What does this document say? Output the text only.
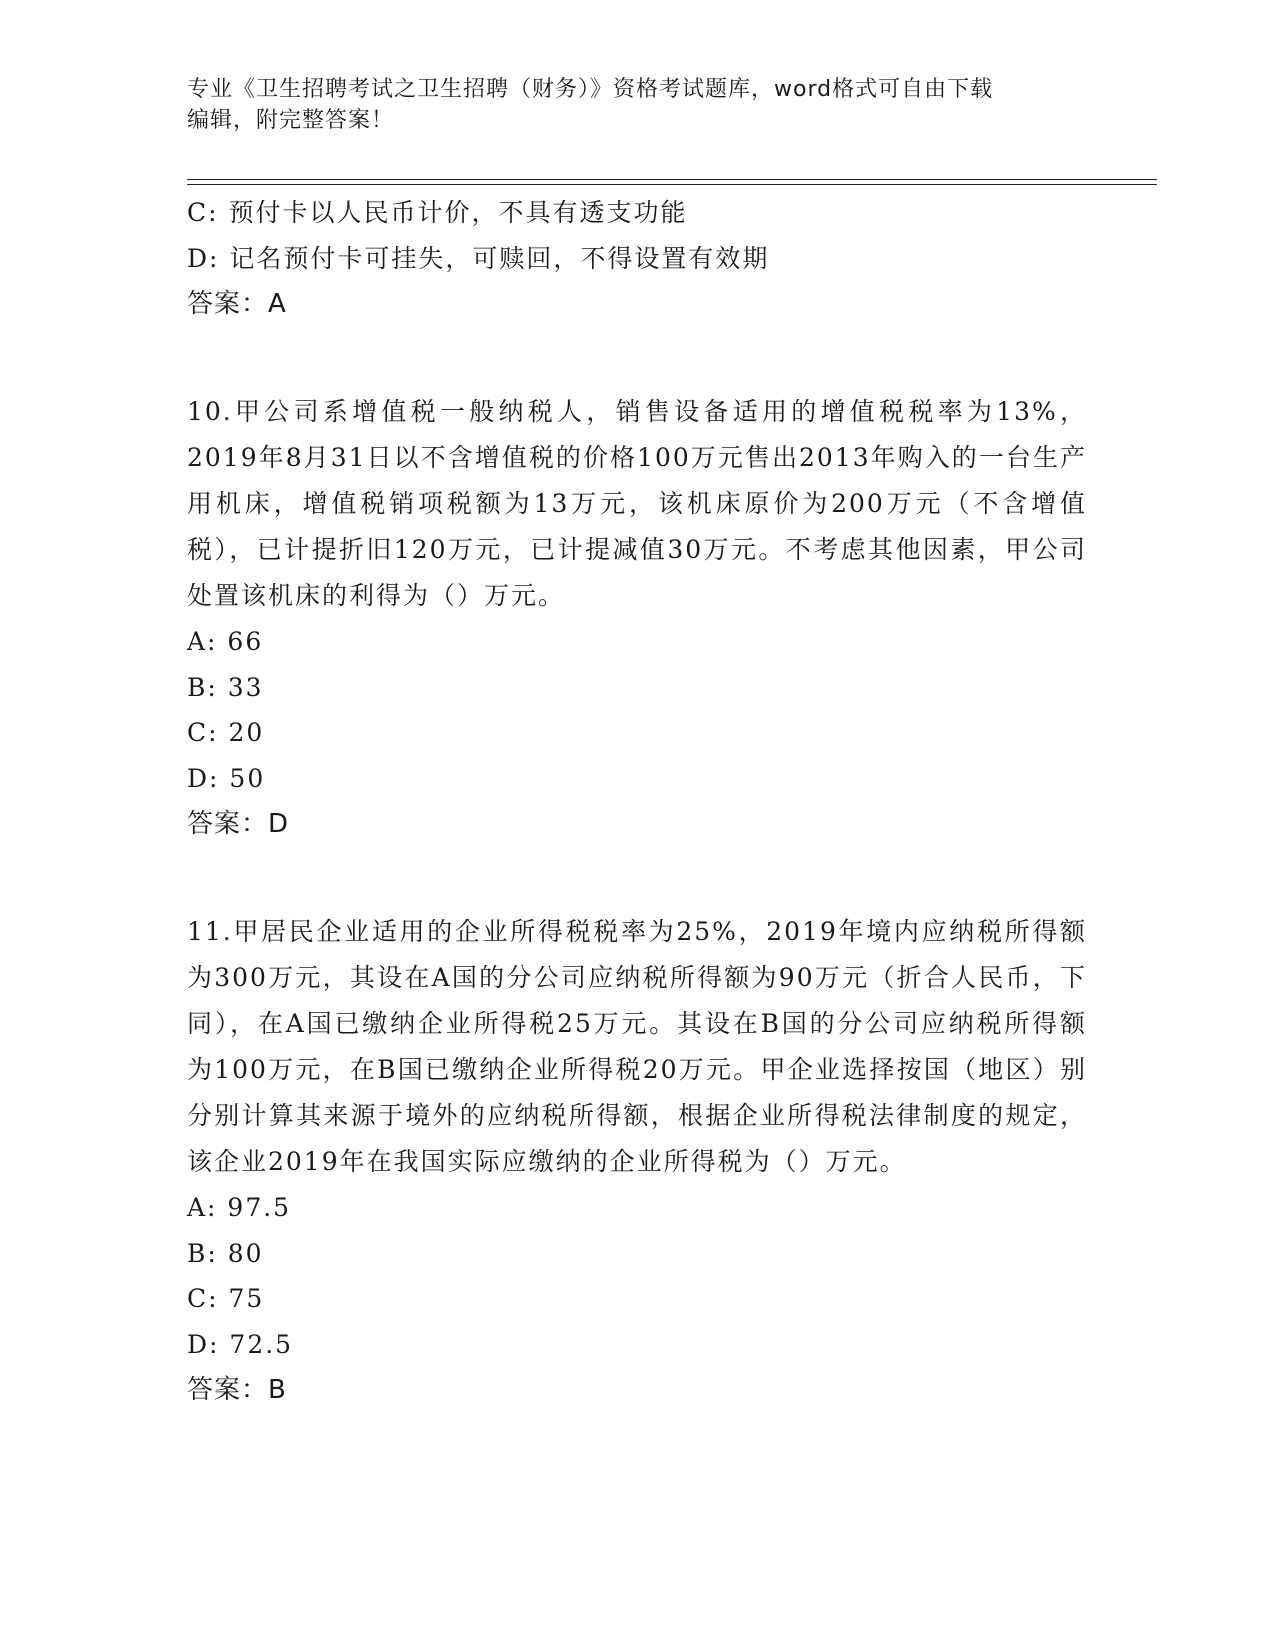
专业《卫生招聘考试之卫生招聘（财务）》资格考试题库，word格式可自由下载
编辑，附完整答案！
C: 预付卡以人民币计价，不具有透支功能
D: 记名预付卡可挂失，可赎回，不得设置有效期
答案：A
10.甲公司系增值税一般纳税人，销售设备适用的增值税税率为13%，2019年8月31日以不含增值税的价格100万元售出2013年购入的一台生产用机床，增值税销项税额为13万元，该机床原价为200万元（不含增值税），已计提折旧120万元，已计提减值30万元。不考虑其他因素，甲公司处置该机床的利得为（）万元。
A: 66
B: 33
C: 20
D: 50
答案：D
11.甲居民企业适用的企业所得税税率为25%，2019年境内应纳税所得额为300万元，其设在A国的分公司应纳税所得额为90万元（折合人民币，下同），在A国已缴纳企业所得税25万元。其设在B国的分公司应纳税所得额为100万元，在B国已缴纳企业所得税20万元。甲企业选择按国（地区）别分别计算其来源于境外的应纳税所得额，根据企业所得税法律制度的规定，该企业2019年在我国实际应缴纳的企业所得税为（）万元。
A: 97.5
B: 80
C: 75
D: 72.5
答案：B
